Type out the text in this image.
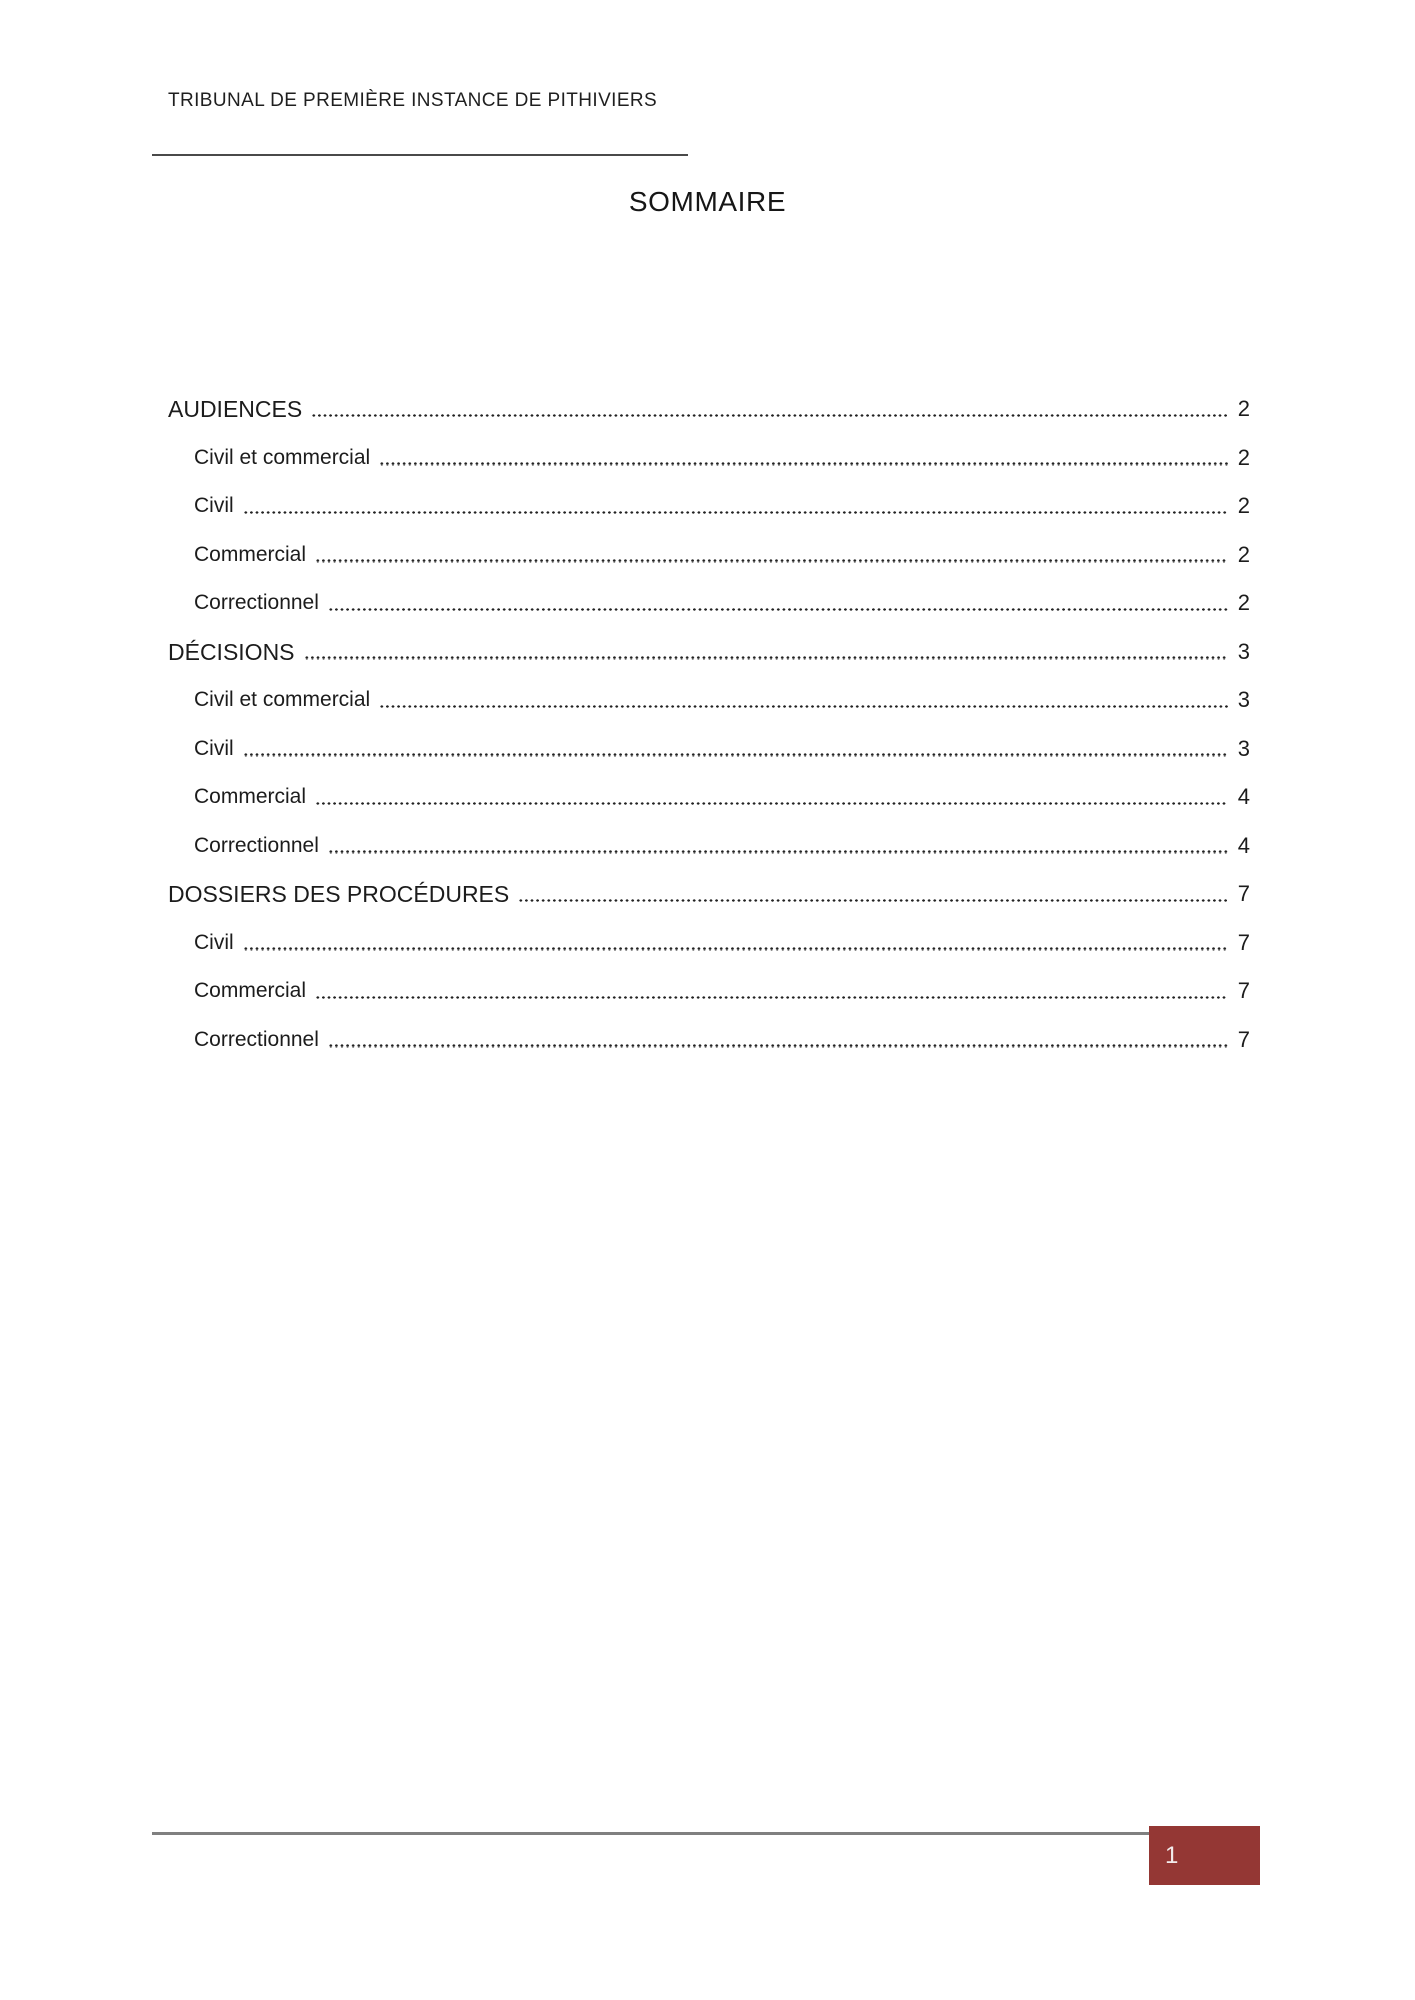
TRIBUNAL DE PREMIÈRE INSTANCE DE PITHIVIERS
SOMMAIRE
AUDIENCES	2
Civil et commercial	2
Civil	2
Commercial	2
Correctionnel	2
DÉCISIONS	3
Civil et commercial	3
Civil	3
Commercial	4
Correctionnel	4
DOSSIERS DES PROCÉDURES	7
Civil	7
Commercial	7
Correctionnel	7
1
